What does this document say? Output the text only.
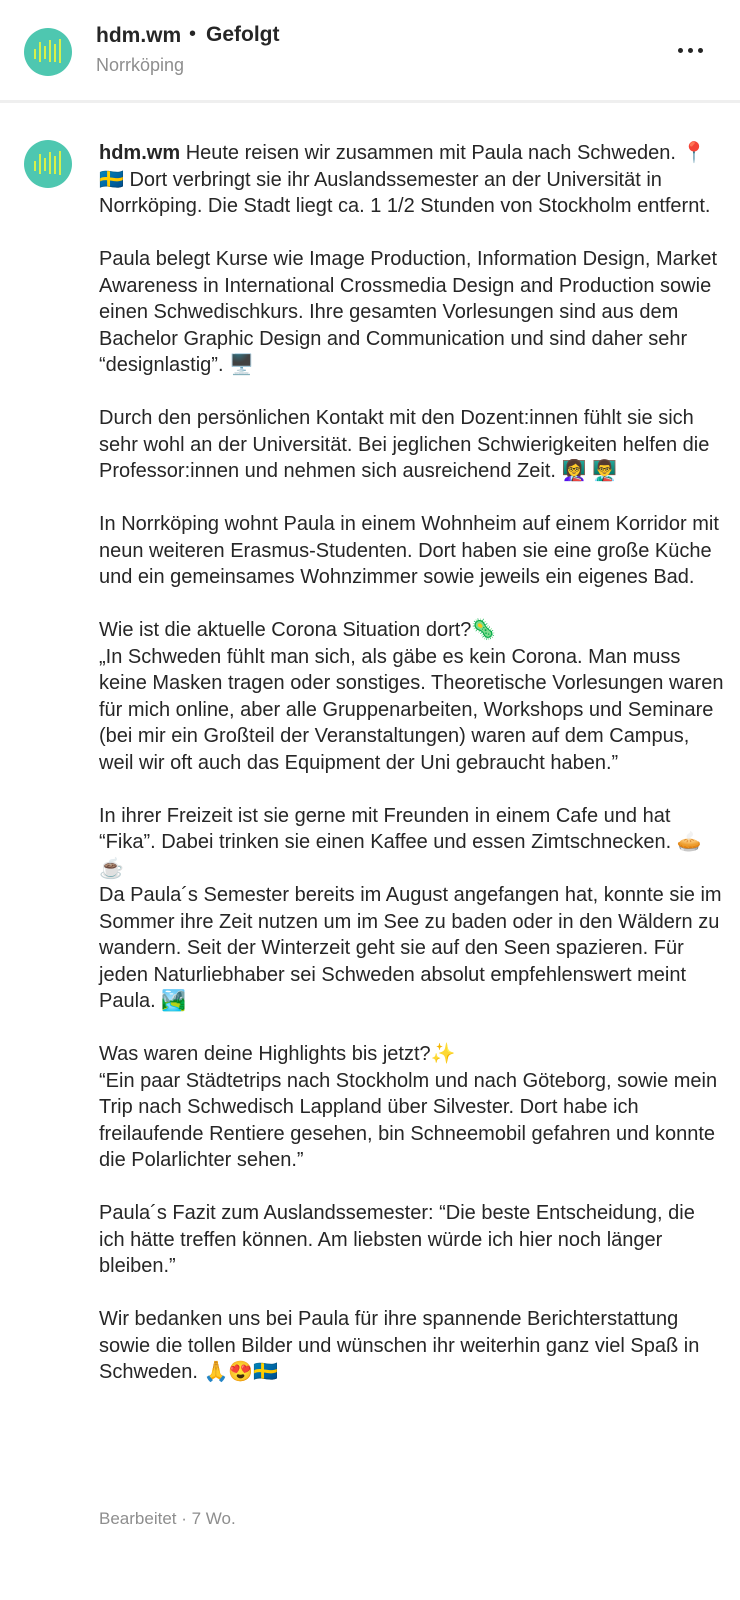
hdm.wm • Gefolgt
Norrköping

hdm.wm Heute reisen wir zusammen mit Paula nach Schweden. 📍🇸🇪 Dort verbringt sie ihr Auslandssemester an der Universität in Norrköping. Die Stadt liegt ca. 1 1/2 Stunden von Stockholm entfernt.

Paula belegt Kurse wie Image Production, Information Design, Market Awareness in International Crossmedia Design and Production sowie einen Schwedischkurs. Ihre gesamten Vorlesungen sind aus dem Bachelor Graphic Design and Communication und sind daher sehr “designlastig”. 🖥️

Durch den persönlichen Kontakt mit den Dozent:innen fühlt sie sich sehr wohl an der Universität. Bei jeglichen Schwierigkeiten helfen die Professor:innen und nehmen sich ausreichend Zeit. 👩‍🏫 👨‍🏫

In Norrköping wohnt Paula in einem Wohnheim auf einem Korridor mit neun weiteren Erasmus-Studenten. Dort haben sie eine große Küche und ein gemeinsames Wohnzimmer sowie jeweils ein eigenes Bad.

Wie ist die aktuelle Corona Situation dort?🦠
„In Schweden fühlt man sich, als gäbe es kein Corona. Man muss keine Masken tragen oder sonstiges. Theoretische Vorlesungen waren für mich online, aber alle Gruppenarbeiten, Workshops und Seminare (bei mir ein Großteil der Veranstaltungen) waren auf dem Campus, weil wir oft auch das Equipment der Uni gebraucht haben.”

In ihrer Freizeit ist sie gerne mit Freunden in einem Cafe und hat “Fika”. Dabei trinken sie einen Kaffee und essen Zimtschnecken. 🥧☕
Da Paula´s Semester bereits im August angefangen hat, konnte sie im Sommer ihre Zeit nutzen um im See zu baden oder in den Wäldern zu wandern. Seit der Winterzeit geht sie auf den Seen spazieren. Für jeden Naturliebhaber sei Schweden absolut empfehlenswert meint Paula. 🏞️

Was waren deine Highlights bis jetzt?✨
“Ein paar Städtetrips nach Stockholm und nach Göteborg, sowie mein Trip nach Schwedisch Lappland über Silvester. Dort habe ich freilaufende Rentiere gesehen, bin Schneemobil gefahren und konnte die Polarlichter sehen.”

Paula´s Fazit zum Auslandssemester: “Die beste Entscheidung, die ich hätte treffen können. Am liebsten würde ich hier noch länger bleiben.”

Wir bedanken uns bei Paula für ihre spannende Berichterstattung sowie die tollen Bilder und wünschen ihr weiterhin ganz viel Spaß in Schweden. 🙏😍🇸🇪

Bearbeitet · 7 Wo.
